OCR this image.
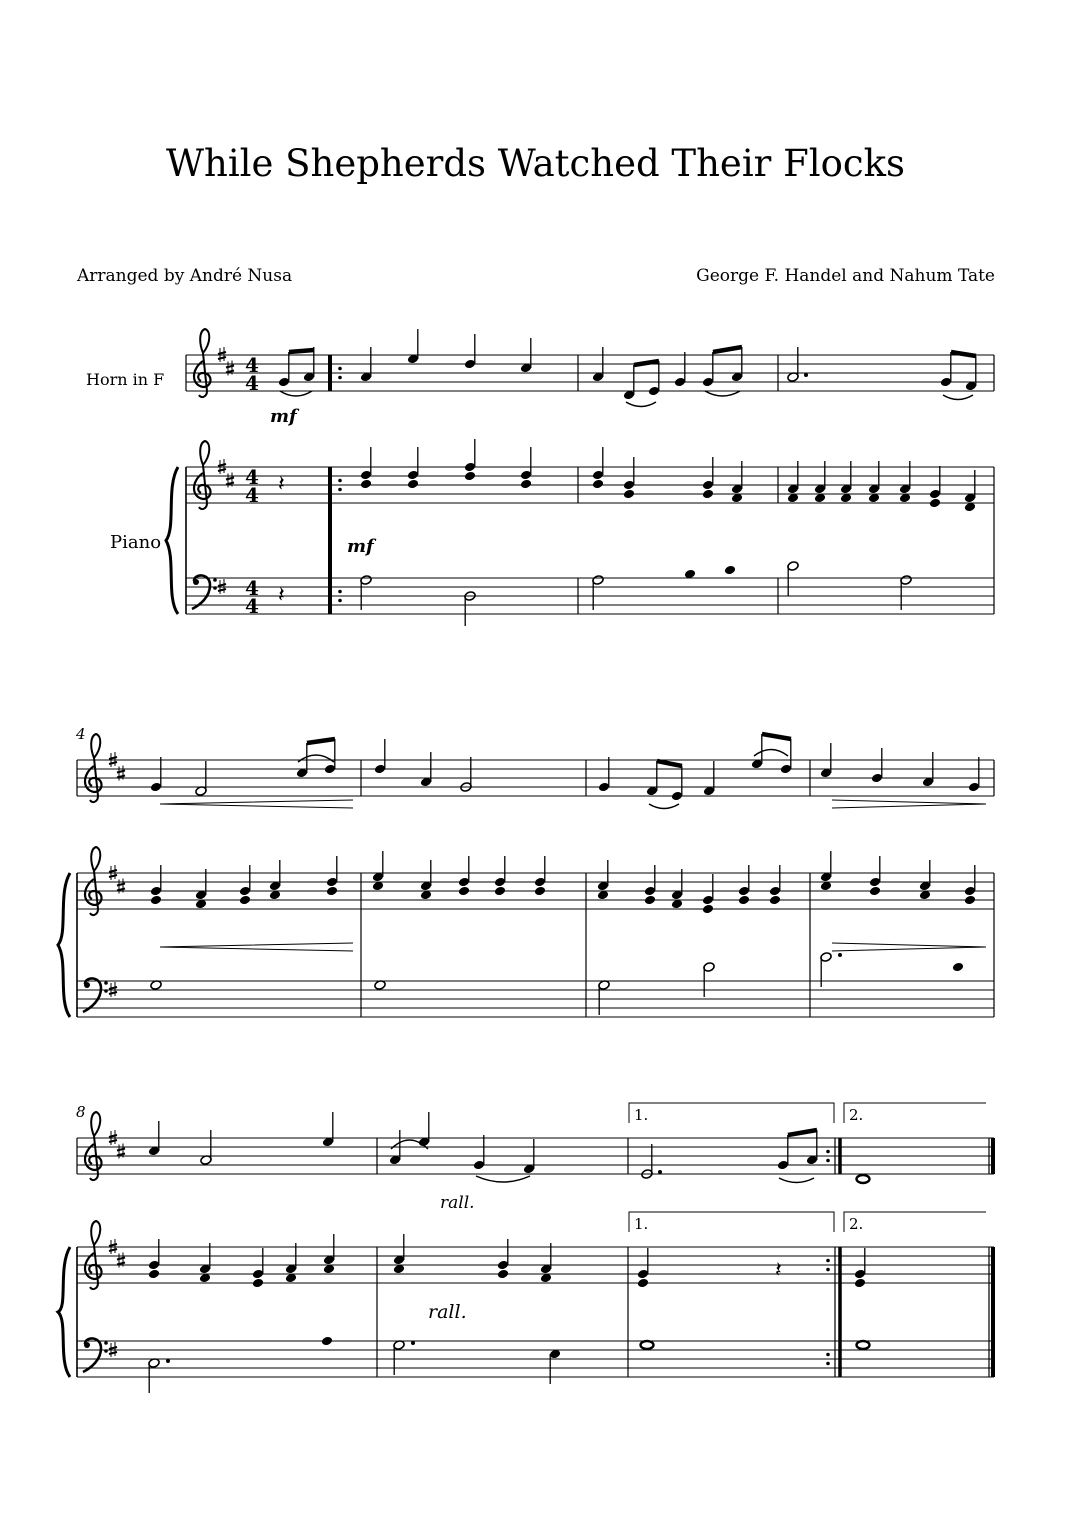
While Shepherds Watched Their Flocks
Arranged by André Nusa	George F. Handel and Nahum Tate
Horn in F
Piano
𝄽
𝄽
𝄽
4
4
4
4
4
4
mf
mf
4
8	1.	2.
1.	2.
rall.
rall.
